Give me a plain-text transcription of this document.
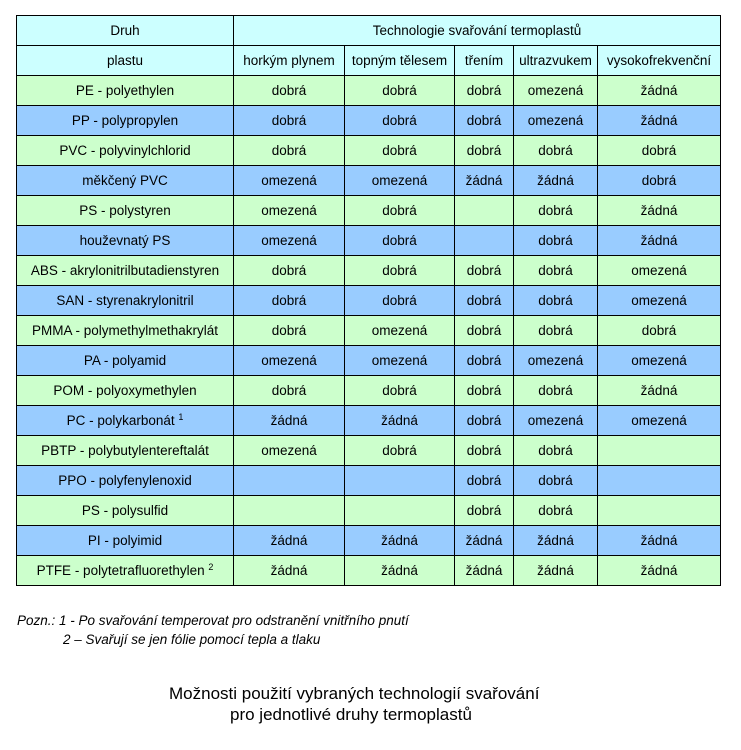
Druh	Technologie svařování termoplastů				
plastu	horkým plynem	topným tělesem	třením	ultrazvukem	vysokofrekvenční
PE - polyethylen	dobrá	dobrá	dobrá	omezená	žádná
PP - polypropylen	dobrá	dobrá	dobrá	omezená	žádná
PVC - polyvinylchlorid	dobrá	dobrá	dobrá	dobrá	dobrá
měkčený PVC	omezená	omezená	žádná	žádná	dobrá
PS - polystyren	omezená	dobrá		dobrá	žádná
houževnatý PS	omezená	dobrá		dobrá	žádná
ABS - akrylonitrilbutadienstyren	dobrá	dobrá	dobrá	dobrá	omezená
SAN - styrenakrylonitril	dobrá	dobrá	dobrá	dobrá	omezená
PMMA - polymethylmethakrylát	dobrá	omezená	dobrá	dobrá	dobrá
PA - polyamid	omezená	omezená	dobrá	omezená	omezená
POM - polyoxymethylen	dobrá	dobrá	dobrá	dobrá	žádná
PC - polykarbonát $^1$	žádná	žádná	dobrá	omezená	omezená
PBTP - polybutylentereftalát	omezená	dobrá	dobrá	dobrá	
PPO - polyfenylenoxid			dobrá	dobrá	
PS - polysulfid			dobrá	dobrá	
PI - polyimid	žádná	žádná	žádná	žádná	žádná
PTFE - polytetrafluorethylen $^2$	žádná	žádná	žádná	žádná	žádná
Pozn.: 1 - Po svařování temperovat pro odstranění vnitřního pnutí
2 – Svařují se jen fólie pomocí tepla a tlaku
Možnosti použití vybraných technologií svařování
pro jednotlivé druhy termoplastů
